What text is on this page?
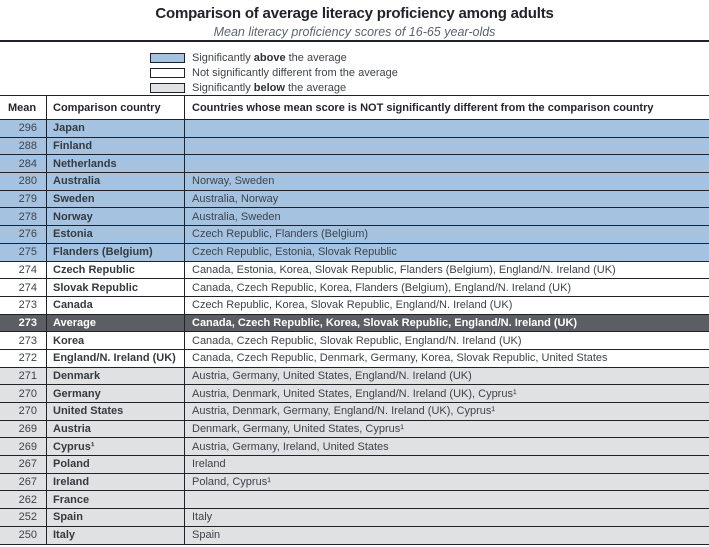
Comparison of average literacy proficiency among adults
Mean literacy proficiency scores of 16-65 year-olds
Significantly above the average
Not significantly different from the average
Significantly below the average
Mean	Comparison country	Countries whose mean score is NOT significantly different from the comparison country
296	Japan
288	Finland
284	Netherlands
280	Australia	Norway, Sweden
279	Sweden	Australia, Norway
278	Norway	Australia, Sweden
276	Estonia	Czech Republic, Flanders (Belgium)
275	Flanders (Belgium)	Czech Republic, Estonia, Slovak Republic
274	Czech Republic	Canada, Estonia, Korea, Slovak Republic, Flanders (Belgium), England/N. Ireland (UK)
274	Slovak Republic	Canada, Czech Republic, Korea, Flanders (Belgium), England/N. Ireland (UK)
273	Canada	Czech Republic, Korea, Slovak Republic, England/N. Ireland (UK)
273	Average	Canada, Czech Republic, Korea, Slovak Republic, England/N. Ireland (UK)
273	Korea	Canada, Czech Republic, Slovak Republic, England/N. Ireland (UK)
272	England/N. Ireland (UK)	Canada, Czech Republic, Denmark, Germany, Korea, Slovak Republic, United States
271	Denmark	Austria, Germany, United States, England/N. Ireland (UK)
270	Germany	Austria, Denmark, United States, England/N. Ireland (UK), Cyprus¹
270	United States	Austria, Denmark, Germany, England/N. Ireland (UK), Cyprus¹
269	Austria	Denmark, Germany, United States, Cyprus¹
269	Cyprus¹	Austria, Germany, Ireland, United States
267	Poland	Ireland
267	Ireland	Poland, Cyprus¹
262	France
252	Spain	Italy
250	Italy	Spain
